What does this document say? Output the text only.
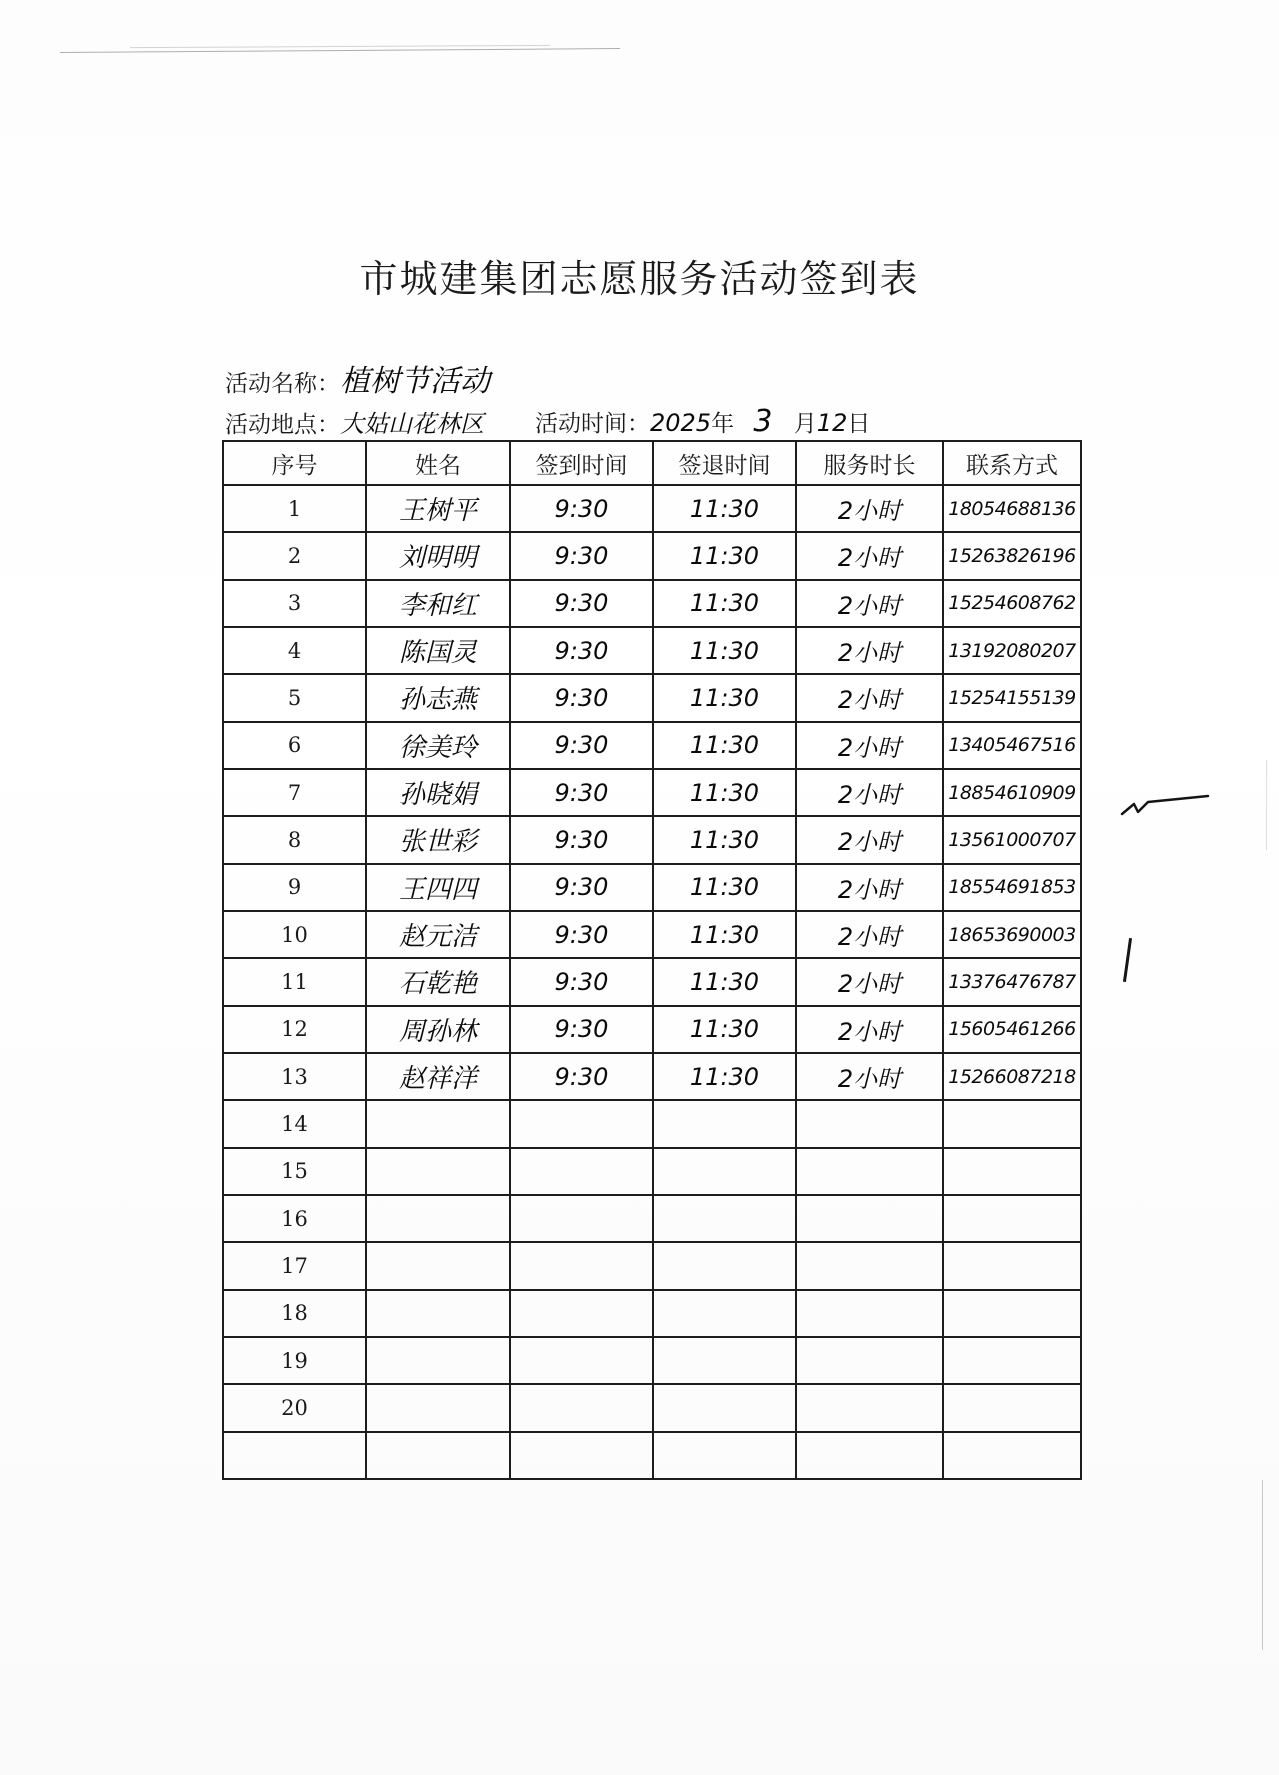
市城建集团志愿服务活动签到表
活动名称：植树节活动
活动地点：大姑山花林区 活动时间：2025年 3 月12日
序号	姓名	签到时间	签退时间	服务时长	联系方式
1	王树平	9:30	11:30	2小时	18054688136
2	刘明明	9:30	11:30	2小时	15263826196
3	李和红	9:30	11:30	2小时	15254608762
4	陈国灵	9:30	11:30	2小时	13192080207
5	孙志燕	9:30	11:30	2小时	15254155139
6	徐美玲	9:30	11:30	2小时	13405467516
7	孙晓娟	9:30	11:30	2小时	18854610909
8	张世彩	9:30	11:30	2小时	13561000707
9	王四四	9:30	11:30	2小时	18554691853
10	赵元洁	9:30	11:30	2小时	18653690003
11	石乾艳	9:30	11:30	2小时	13376476787
12	周孙林	9:30	11:30	2小时	15605461266
13	赵祥洋	9:30	11:30	2小时	15266087218
14					
15					
16					
17					
18					
19					
20					
